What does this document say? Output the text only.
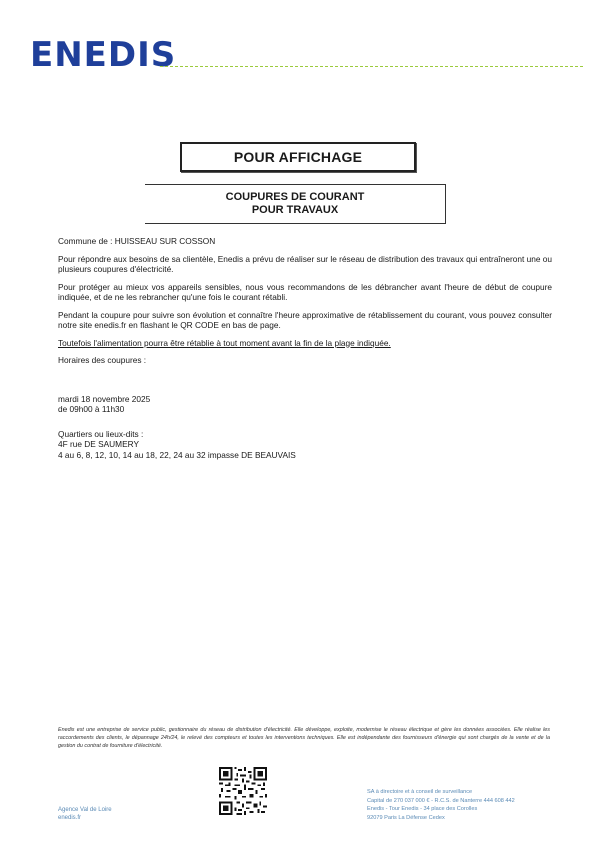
ENEDIS
POUR AFFICHAGE
COUPURES DE COURANT
POUR TRAVAUX

Commune de : HUISSEAU SUR COSSON

Pour répondre aux besoins de sa clientèle, Enedis a prévu de réaliser sur le réseau de distribution des travaux qui entraîneront une ou plusieurs coupures d'électricité.

Pour protéger au mieux vos appareils sensibles, nous vous recommandons de les débrancher avant l'heure de début de coupure indiquée, et de ne les rebrancher qu'une fois le courant rétabli.

Pendant la coupure pour suivre son évolution et connaître l'heure approximative de rétablissement du courant, vous pouvez consulter notre site enedis.fr en flashant le QR CODE en bas de page.

Toutefois l'alimentation pourra être rétablie à tout moment avant la fin de la plage indiquée.

Horaires des coupures :

mardi 18 novembre 2025

de 09h00 à 11h30

Quartiers ou lieux-dits :

4F rue DE SAUMERY

4 au 6, 8, 12, 10, 14 au 18, 22, 24 au 32 impasse DE BEAUVAIS

Enedis est une entreprise de service public, gestionnaire du réseau de distribution d'électricité. Elle développe, exploite, modernise le réseau électrique et gère les données associées. Elle réalise les raccordements des clients, le dépannage 24h/24, le relevé des compteurs et toutes les interventions techniques. Elle est indépendante des fournisseurs d'énergie qui sont chargés de la vente et de la gestion du contrat de fourniture d'électricité.
Agence Val de Loire
enedis.fr
SA à directoire et à conseil de surveillance
Capital de 270 037 000 € - R.C.S. de Nanterre 444 608 442
Enedis - Tour Enedis - 34 place des Corolles
92079 Paris La Défense Cedex
